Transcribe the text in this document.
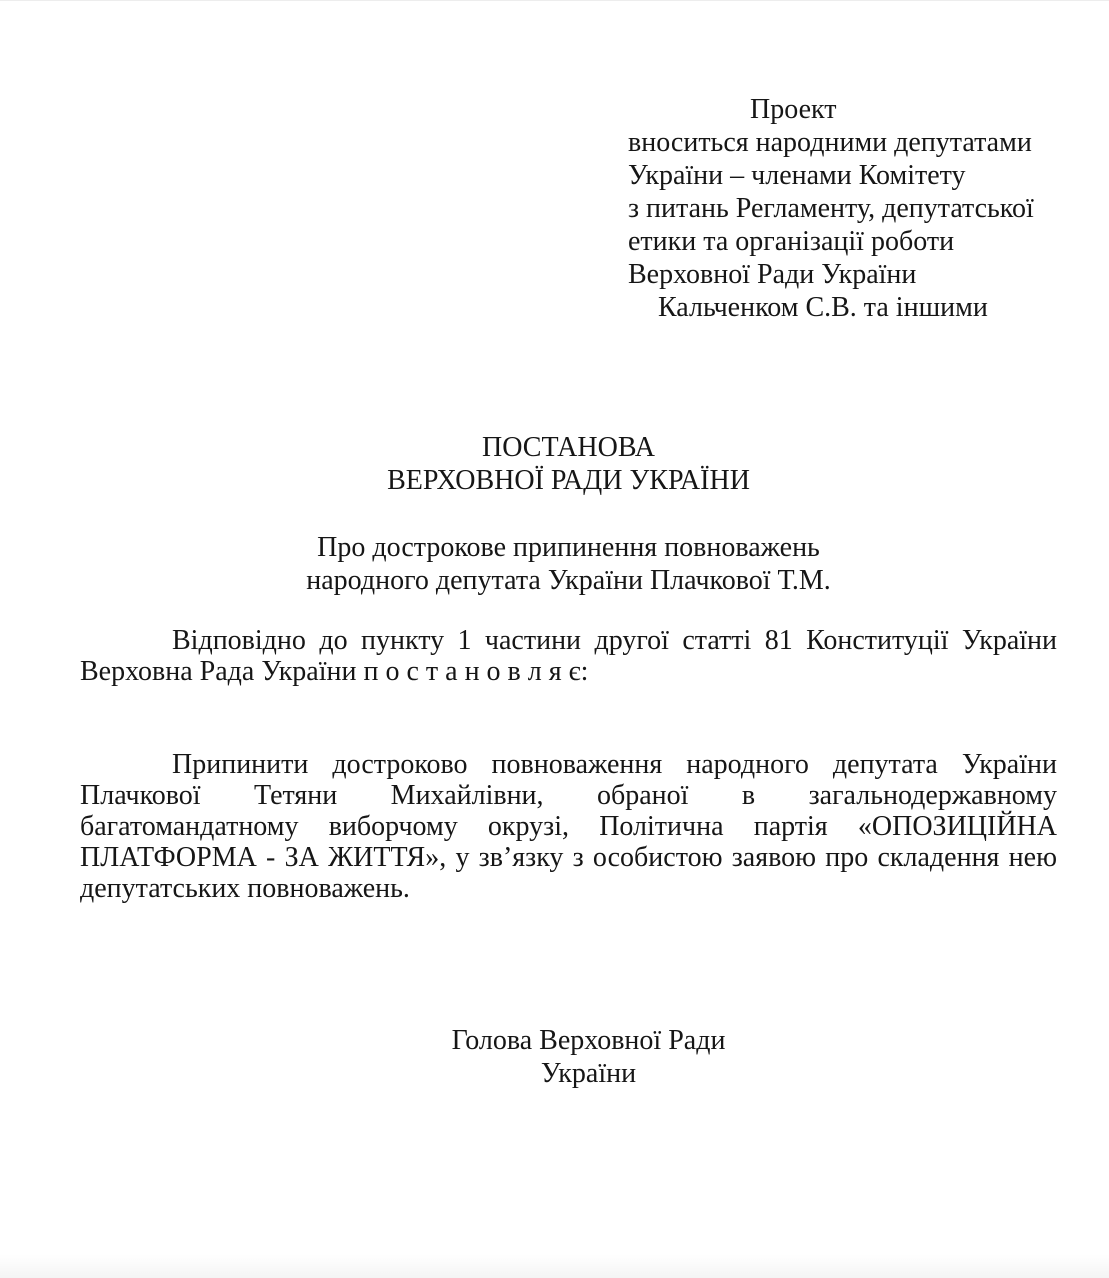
Проект
вноситься народними депутатами
України – членами Комітету
з питань Регламенту, депутатської
етики та організації роботи
Верховної Ради України
Кальченком С.В. та іншими
ПОСТАНОВА
ВЕРХОВНОЇ РАДИ УКРАЇНИ
Про дострокове припинення повноважень
народного депутата України Плачкової Т.М.
Відповідно до пункту 1 частини другої статті 81 Конституції України
Верховна Рада України п о с т а н о в л я є:
Припинити достроково повноваження народного депутата України
Плачкової Тетяни Михайлівни, обраної в загальнодержавному
багатомандатному виборчому окрузі, Політична партія «ОПОЗИЦІЙНА
ПЛАТФОРМА - ЗА ЖИТТЯ», у зв’язку з особистою заявою про складення нею
депутатських повноважень.
Голова Верховної Ради
України
